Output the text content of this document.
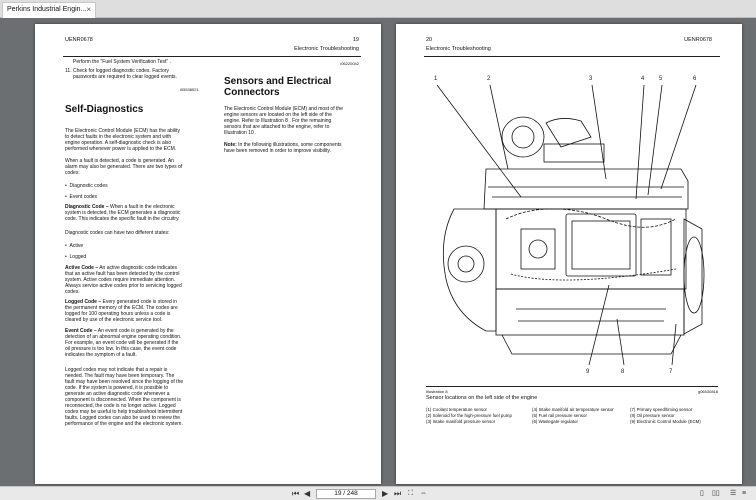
Perkins Industrial Engin... ×
UENR0678	19
Electronic Troubleshooting
Perform the "Fuel System Verification Test" .	i06220042
11. Check for logged diagnostic codes. Factory
passwords are required to clear logged events.
i05538521
Self-Diagnostics
The Electronic Control Module (ECM) has the ability
to detect faults in the electronic system and with
engine operation. A self-diagnostic check is also
performed whenever power is applied to the ECM.
When a fault is detected, a code is generated. An
alarm may also be generated. There are two types of
codes:
•  Diagnostic codes
•  Event codes
Diagnostic Code – When a fault in the electronic
system is detected, the ECM generates a diagnostic
code. This indicates the specific fault in the circuitry.
Diagnostic codes can have two different states:
•  Active
•  Logged
Active Code – An active diagnostic code indicates
that an active fault has been detected by the control
system. Active codes require immediate attention.
Always service active codes prior to servicing logged
codes.
Logged Code – Every generated code is stored in
the permanent memory of the ECM. The codes are
logged for 100 operating hours unless a code is
cleared by use of the electronic service tool.
Event Code – An event code is generated by the
detection of an abnormal engine operating condition.
For example, an event code will be generated if the
oil pressure is too low. In this case, the event code
indicates the symptom of a fault.
Logged codes may not indicate that a repair is
needed. The fault may have been temporary. The
fault may have been resolved since the logging of the
code. If the system is powered, it is possible to
generate an active diagnostic code whenever a
component is disconnected. When the component is
reconnected, the code is no longer active. Logged
codes may be useful to help troubleshoot intermittent
faults. Logged codes can also be used to review the
performance of the engine and the electronic system.
Sensors and Electrical
Connectors
The Electronic Control Module (ECM) and most of the
engine sensors are located on the left side of the
engine. Refer to Illustration 8 . For the remaining
sensors that are attached to the engine, refer to
Illustration 10 .
Note: In the following illustrations, some components
have been removed in order to improve visibility.
20
Electronic Troubleshooting
UENR0678
1	2	3	4 5	6
9	8	7
Illustration 8	g06530818
Sensor locations on the left side of the engine
(1) Coolant temperature sensor
(2) Solenoid for the high-pressure fuel pump
(3) Intake manifold pressure sensor
(4) Intake manifold air temperature sensor
(5) Fuel rail pressure sensor
(6) Wastegate regulator
(7) Primary speed/timing sensor
(8) Oil pressure sensor
(9) Electronic Control Module (ECM)
⏮ ◀	19 / 248	▶ ⏭ ⛶ ⇔	▯ ▯▯ ☰ ≡
